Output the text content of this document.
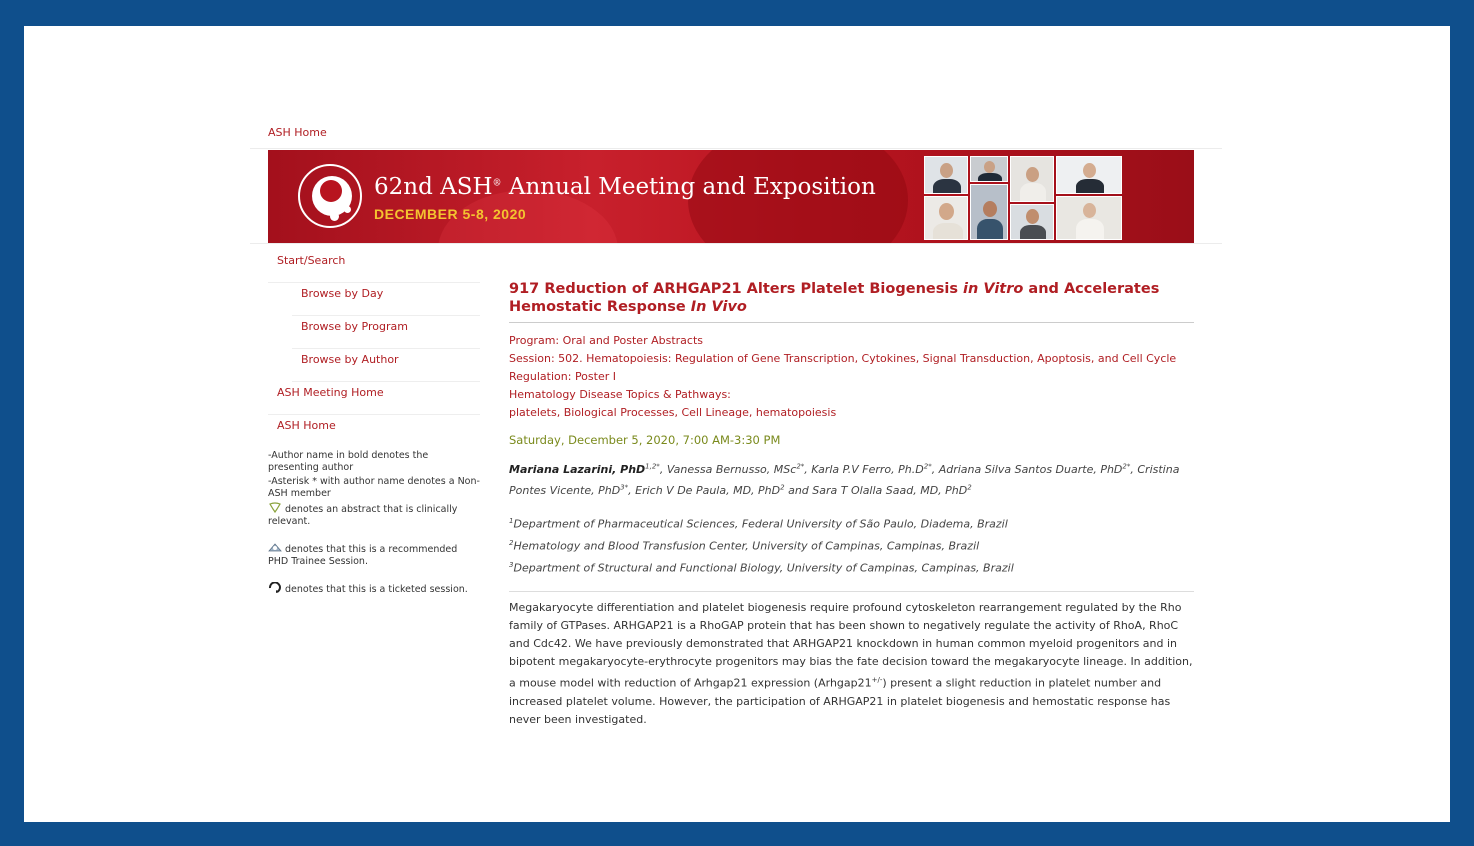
ASH Home
62nd ASH® Annual Meeting and Exposition
DECEMBER 5-8, 2020
Start/Search
Browse by Day
Browse by Program
Browse by Author
ASH Meeting Home
ASH Home

-Author name in bold denotes the presenting author

-Asterisk * with author name denotes a Non-ASH member

denotes an abstract that is clinically relevant.

denotes that this is a recommended PHD Trainee Session.

denotes that this is a ticketed session.

917 Reduction of ARHGAP21 Alters Platelet Biogenesis in Vitro and Accelerates Hemostatic Response In Vivo
Program: Oral and Poster Abstracts
Session: 502. Hematopoiesis: Regulation of Gene Transcription, Cytokines, Signal Transduction, Apoptosis, and Cell Cycle Regulation: Poster I
Hematology Disease Topics & Pathways:
platelets, Biological Processes, Cell Lineage, hematopoiesis
Saturday, December 5, 2020, 7:00 AM-3:30 PM
Mariana Lazarini, PhD$^{1,2*}$, Vanessa Bernusso, MSc$^{2*}$, Karla P.V Ferro, $Ph.D^{2*}$, Adriana Silva Santos Duarte, PhD$^{2*}$, Cristina Pontes Vicente, PhD$^{3*}$, Erich V De Paula, MD, PhD$^2$ and Sara T Olalla Saad, MD, PhD$^2$
$^1$Department of Pharmaceutical Sciences, Federal University of São Paulo, Diadema, Brazil
$^2$Hematology and Blood Transfusion Center, University of Campinas, Campinas, Brazil
$^3$Department of Structural and Functional Biology, University of Campinas, Campinas, Brazil
Megakaryocyte differentiation and platelet biogenesis require profound cytoskeleton rearrangement regulated by the Rho family of GTPases. ARHGAP21 is a RhoGAP protein that has been shown to negatively regulate the activity of RhoA, RhoC and Cdc42. We have previously demonstrated that ARHGAP21 knockdown in human common myeloid progenitors and in bipotent megakaryocyte-erythrocyte progenitors may bias the fate decision toward the megakaryocyte lineage. In addition, a mouse model with reduction of Arhgap21 expression (Arhgap21+/-) present a slight reduction in platelet number and increased platelet volume. However, the participation of ARHGAP21 in platelet biogenesis and hemostatic response has never been investigated.
